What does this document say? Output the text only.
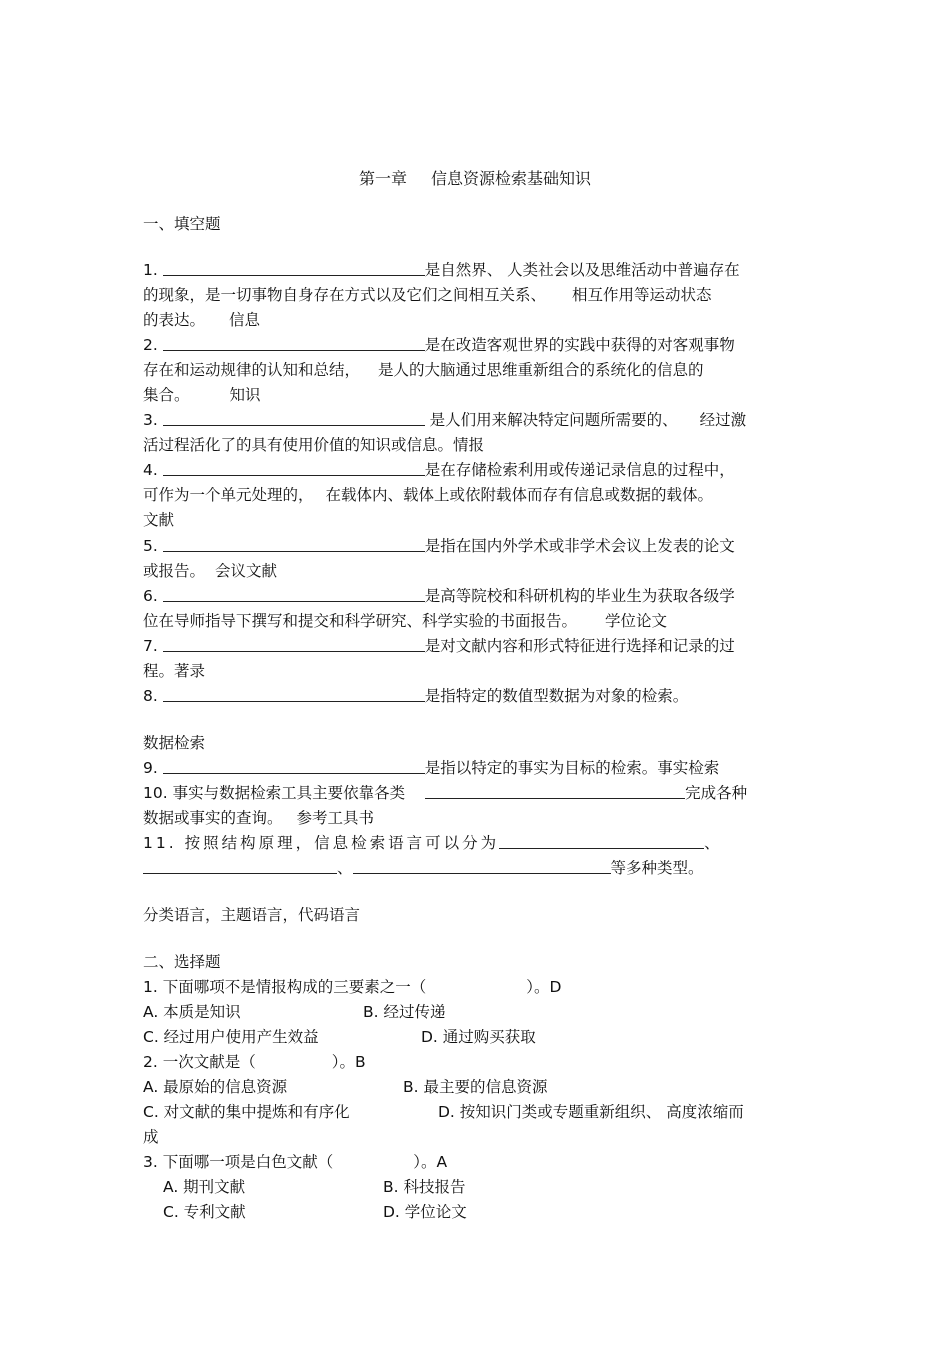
第一章 信息资源检索基础知识
一、填空题
1.	是自然界、 人类社会以及思维活动中普遍存在
的现象，是一切事物自身存在方式以及它们之间相互关系、 相互作用等运动状态
的表达。 信息
2.	是在改造客观世界的实践中获得的对客观事物
存在和运动规律的认知和总结， 是人的大脑通过思维重新组合的系统化的信息的
集合。	知识
3.	是人们用来解决特定问题所需要的、 经过激
活过程活化了的具有使用价值的知识或信息。情报
4.	是在存储检索利用或传递记录信息的过程中，
可作为一个单元处理的， 在载体内、载体上或依附载体而存有信息或数据的载体。
文献
5.	是指在国内外学术或非学术会议上发表的论文
或报告。 会议文献
6.	是高等院校和科研机构的毕业生为获取各级学
位在导师指导下撰写和提交和科学研究、科学实验的书面报告。 学位论文
7.	是对文献内容和形式特征进行选择和记录的过
程。著录
8.	是指特定的数值型数据为对象的检索。
数据检索
9.	是指以特定的事实为目标的检索。事实检索
10. 事实与数据检索工具主要依靠各类	完成各种
数据或事实的查询。 参考工具书
11. 按照结构原理，信息检索语言可以分为	、
、	等多种类型。
分类语言，主题语言，代码语言
二、选择题
1. 下面哪项不是情报构成的三要素之一（	）。D
A. 本质是知识	B. 经过传递
C. 经过用户使用产生效益	D. 通过购买获取
2. 一次文献是（	）。B
A. 最原始的信息资源	B. 最主要的信息资源
C. 对文献的集中提炼和有序化	D. 按知识门类或专题重新组织、 高度浓缩而
成
3. 下面哪一项是白色文献（	）。A
A. 期刊文献	B. 科技报告
C. 专利文献	D. 学位论文
